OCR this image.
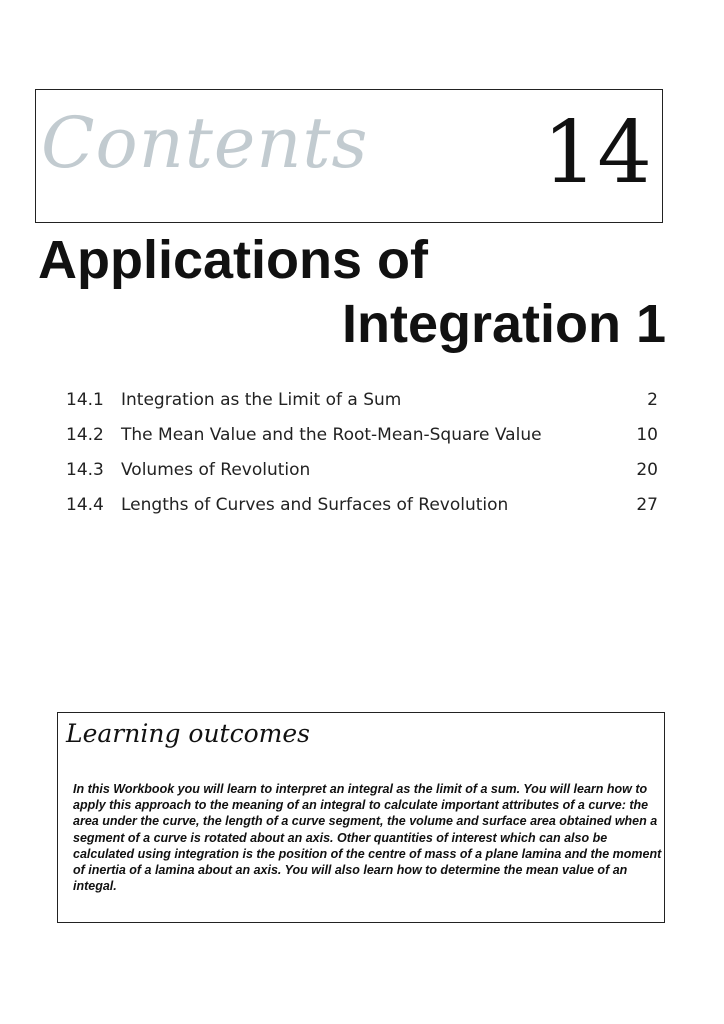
Contents 14
Applications of
Integration 1
14.1 Integration as the Limit of a Sum	2
14.2 The Mean Value and the Root-Mean-Square Value	10
14.3 Volumes of Revolution	20
14.4 Lengths of Curves and Surfaces of Revolution	27
Learning outcomes
In this Workbook you will learn to interpret an integral as the limit of a sum. You will learn how to apply this approach to the meaning of an integral to calculate important attributes of a curve: the area under the curve, the length of a curve segment, the volume and surface area obtained when a segment of a curve is rotated about an axis. Other quantities of interest which can also be calculated using integration is the position of the centre of mass of a plane lamina and the moment of inertia of a lamina about an axis. You will also learn how to determine the mean value of an integal.
